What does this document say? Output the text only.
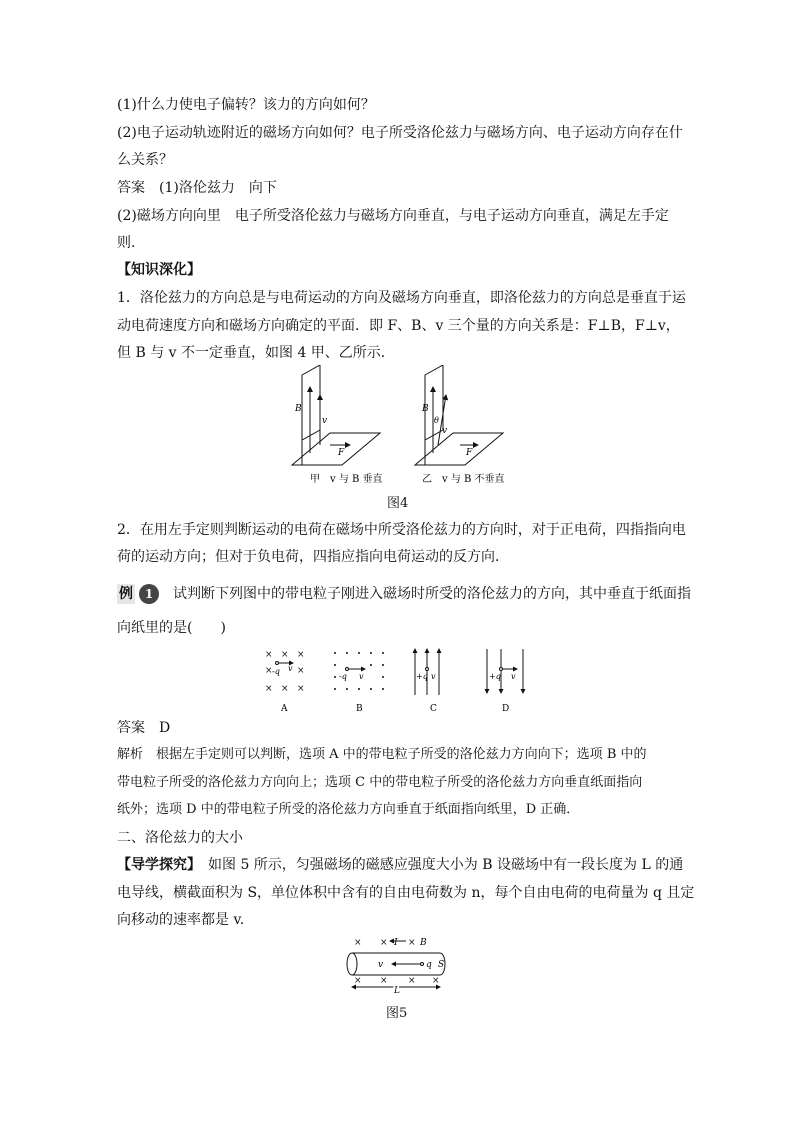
(1)什么力使电子偏转？该力的方向如何？
(2)电子运动轨迹附近的磁场方向如何？电子所受洛伦兹力与磁场方向、电子运动方向存在什
么关系？
答案　 (1)洛伦兹力　向下
(2)磁场方向向里　电子所受洛伦兹力与磁场方向垂直，与电子运动方向垂直，满足左手定
则.
【知识深化】
1．洛伦兹力的方向总是与电荷运动的方向及磁场方向垂直，即洛伦兹力的方向总是垂直于运
动电荷速度方向和磁场方向确定的平面．即 F、B、v 三个量的方向关系是：F⊥B，F⊥v，
但 B 与 v 不一定垂直，如图 4 甲、乙所示．
B
v
F
B
θ
v
F
甲　v 与 B 垂直	乙　v 与 B 不垂直
图4
2．在用左手定则判断运动的电荷在磁场中所受洛伦兹力的方向时，对于正电荷，四指指向电
荷的运动方向；但对于负电荷，四指应指向电荷运动的反方向．
例 1　 试判断下列图中的带电粒子刚进入磁场时所受的洛伦兹力的方向，其中垂直于纸面指
向纸里的是(　　)
× × ×
×	×
× × ×
-q v
-q v	+q v	+q v
A	B	C	D
答案　 D
解析　 根据左手定则可以判断，选项 A 中的带电粒子所受的洛伦兹力方向向下；选项 B 中的
带电粒子所受的洛伦兹力方向向上；选项 C 中的带电粒子所受的洛伦兹力方向垂直纸面指向
纸外；选项 D 中的带电粒子所受的洛伦兹力方向垂直于纸面指向纸里，D 正确．
二、洛伦兹力的大小
【导学探究】　如图 5 所示，匀强磁场的磁感应强度大小为 B 设磁场中有一段长度为 L 的通
电导线，横截面积为 S，单位体积中含有的自由电荷数为 n，每个自由电荷的电荷量为 q 且定
向移动的速率都是 v.
× × ×
× × × ×
I B
v	q S
L
图5
